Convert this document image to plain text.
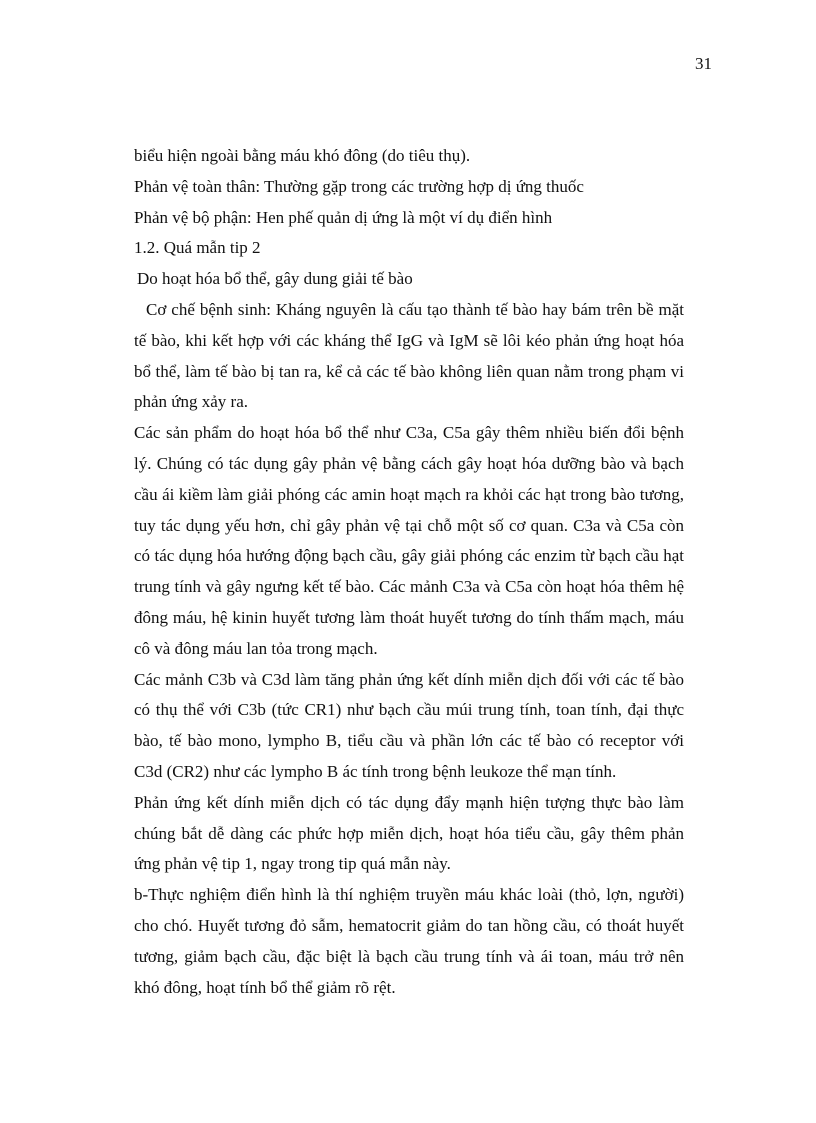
31

biểu hiện ngoài bằng máu khó đông (do tiêu thụ).

Phản vệ toàn thân: Thường gặp trong các trường hợp dị ứng thuốc

Phản vệ bộ phận: Hen phế quản dị ứng là một ví dụ điển hình

1.2. Quá mẫn tip 2

Do hoạt hóa bổ thể, gây dung giải tế bào

Cơ chế bệnh sinh: Kháng nguyên là cấu tạo thành tế bào hay bám trên bề mặt tế bào, khi kết hợp với các kháng thể IgG và IgM sẽ lôi kéo phản ứng hoạt hóa bổ thể, làm tế bào bị tan ra, kể cả các tế bào không liên quan nằm trong phạm vi phản ứng xảy ra.

Các sản phẩm do hoạt hóa bổ thể như C3a, C5a gây thêm nhiều biến đổi bệnh lý. Chúng có tác dụng gây phản vệ bằng cách gây hoạt hóa dưỡng bào và bạch cầu ái kiềm làm giải phóng các amin hoạt mạch ra khỏi các hạt trong bào tương, tuy tác dụng yếu hơn, chỉ gây phản vệ tại chỗ một số cơ quan. C3a và C5a còn có tác dụng hóa hướng động bạch cầu, gây giải phóng các enzim từ bạch cầu hạt trung tính và gây ngưng kết tế bào. Các mảnh C3a và C5a còn hoạt hóa thêm hệ đông máu, hệ kinin huyết tương làm thoát huyết tương do tính thấm mạch, máu cô và đông máu lan tỏa trong mạch.

Các mảnh C3b và C3d làm tăng phản ứng kết dính miễn dịch đối với các tế bào có thụ thể với C3b (tức CR1) như bạch cầu múi trung tính, toan tính, đại thực bào, tế bào mono, lympho B, tiểu cầu và phần lớn các tế bào có receptor với C3d (CR2) như các lympho B ác tính trong bệnh leukoze thể mạn tính.

Phản ứng kết dính miễn dịch có tác dụng đẩy mạnh hiện tượng thực bào làm chúng bắt dễ dàng các phức hợp miễn dịch, hoạt hóa tiểu cầu, gây thêm phản ứng phản vệ tip 1, ngay trong tip quá mẫn này.

b-Thực nghiệm điển hình là thí nghiệm truyền máu khác loài (thỏ, lợn, người) cho chó. Huyết tương đỏ sẫm, hematocrit giảm do tan hồng cầu, có thoát huyết tương, giảm bạch cầu, đặc biệt là bạch cầu trung tính và ái toan, máu trở nên khó đông, hoạt tính bổ thể giảm rõ rệt.
